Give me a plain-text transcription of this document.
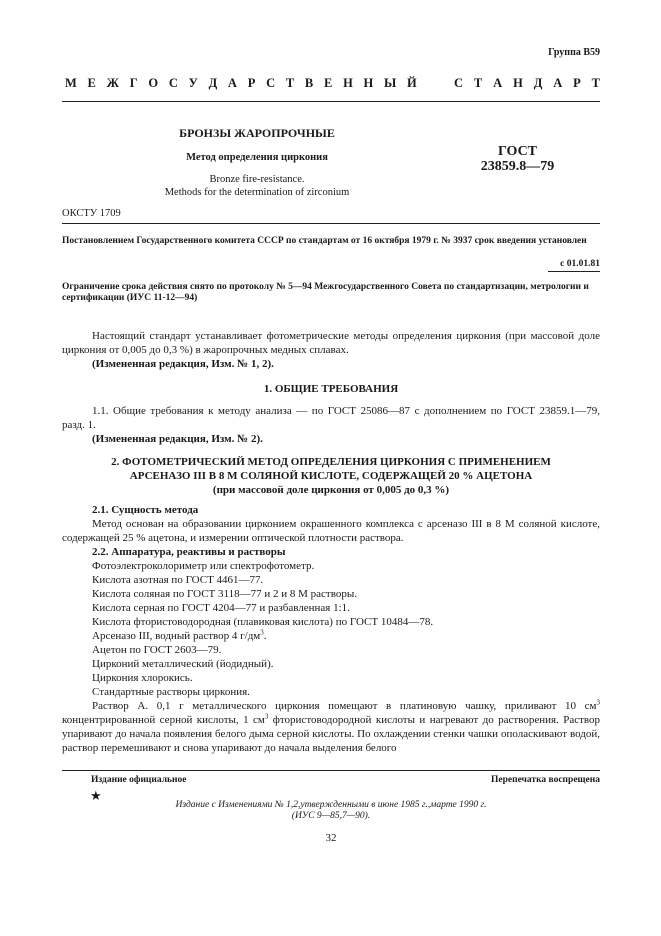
Группа В59
М Е Ж Г О С У Д А Р С Т В Е Н Н Ы Й	С Т А Н Д А Р Т
БРОНЗЫ ЖАРОПРОЧНЫЕ
Метод определения циркония
Bronze fire-resistance.
Methods for the determination of zirconium
ГОСТ
23859.8—79
ОКСТУ 1709
Постановлением Государственного комитета СССР по стандартам от 16 октября 1979 г. № 3937 срок введения установлен
с 01.01.81
Ограничение срока действия снято по протоколу № 5—94 Межгосударственного Совета по стандартизации, метрологии и сертификации (ИУС 11-12—94)

Настоящий стандарт устанавливает фотометрические методы определения циркония (при массовой доле циркония от 0,005 до 0,3 %) в жаропрочных медных сплавах.

(Измененная редакция, Изм. № 1, 2).

1. ОБЩИЕ ТРЕБОВАНИЯ

1.1. Общие требования к методу анализа — по ГОСТ 25086—87 с дополнением по ГОСТ 23859.1—79, разд. 1.

(Измененная редакция, Изм. № 2).

2. ФОТОМЕТРИЧЕСКИЙ МЕТОД ОПРЕДЕЛЕНИЯ ЦИРКОНИЯ С ПРИМЕНЕНИЕМ
АРСЕНАЗО III В 8 М СОЛЯНОЙ КИСЛОТЕ, СОДЕРЖАЩЕЙ 20 % АЦЕТОНА
(при массовой доле циркония от 0,005 до 0,3 %)

2.1. Сущность метода

Метод основан на образовании цирконием окрашенного комплекса с арсеназо III в 8 М соляной кислоте, содержащей 25 % ацетона, и измерении оптической плотности раствора.

2.2. Аппаратура, реактивы и растворы

Фотоэлектроколориметр или спектрофотометр.

Кислота азотная по ГОСТ 4461—77.

Кислота соляная по ГОСТ 3118—77 и 2 и 8 М растворы.

Кислота серная по ГОСТ 4204—77 и разбавленная 1:1.

Кислота фтористоводородная (плавиковая кислота) по ГОСТ 10484—78.

Арсеназо III, водный раствор 4 $г/дм^3$.

Ацетон по ГОСТ 2603—79.

Цирконий металлический (йодидный).

Циркония хлорокись.

Стандартные растворы циркония.

Раствор А. 0,1 г металлического циркония помещают в платиновую чашку, приливают 10 $см^3$ концентрированной серной кислоты, 1 $см^3$ фтористоводородной кислоты и нагревают до растворения. Раствор упаривают до начала появления белого дыма серной кислоты. По охлаждении стенки чашки ополаскивают водой, раствор перемешивают и снова упаривают до начала выделения белого

Издание официальное	Перепечатка воспрещена
★
Издание с Изменениями № 1,2,утвержденными в июне 1985 г.,марте 1990 г.
(ИУС 9—85,7—90).
32
